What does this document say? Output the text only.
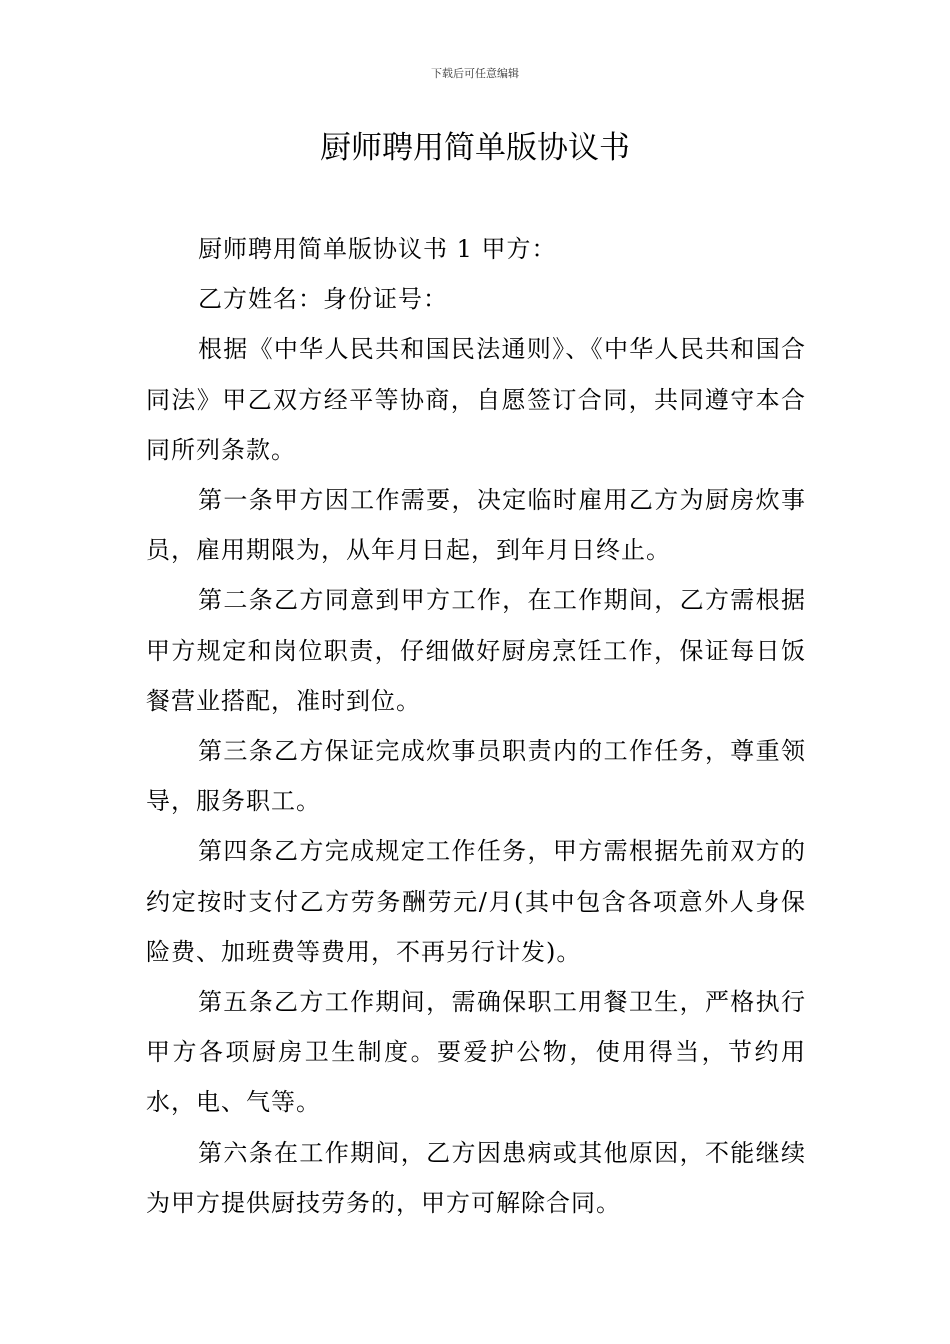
下载后可任意编辑
厨师聘用简单版协议书

厨师聘用简单版协议书 1 甲方：

乙方姓名：身份证号：

根据《中华人民共和国民法通则》、《中华人民共和国合同法》甲乙双方经平等协商，自愿签订合同，共同遵守本合同所列条款。

第一条甲方因工作需要，决定临时雇用乙方为厨房炊事员，雇用期限为，从年月日起，到年月日终止。

第二条乙方同意到甲方工作，在工作期间，乙方需根据甲方规定和岗位职责，仔细做好厨房烹饪工作，保证每日饭餐营业搭配，准时到位。

第三条乙方保证完成炊事员职责内的工作任务，尊重领导，服务职工。

第四条乙方完成规定工作任务，甲方需根据先前双方的约定按时支付乙方劳务酬劳元/月(其中包含各项意外人身保险费、加班费等费用，不再另行计发)。

第五条乙方工作期间，需确保职工用餐卫生，严格执行甲方各项厨房卫生制度。要爱护公物，使用得当，节约用水，电、气等。

第六条在工作期间，乙方因患病或其他原因，不能继续为甲方提供厨技劳务的，甲方可解除合同。
